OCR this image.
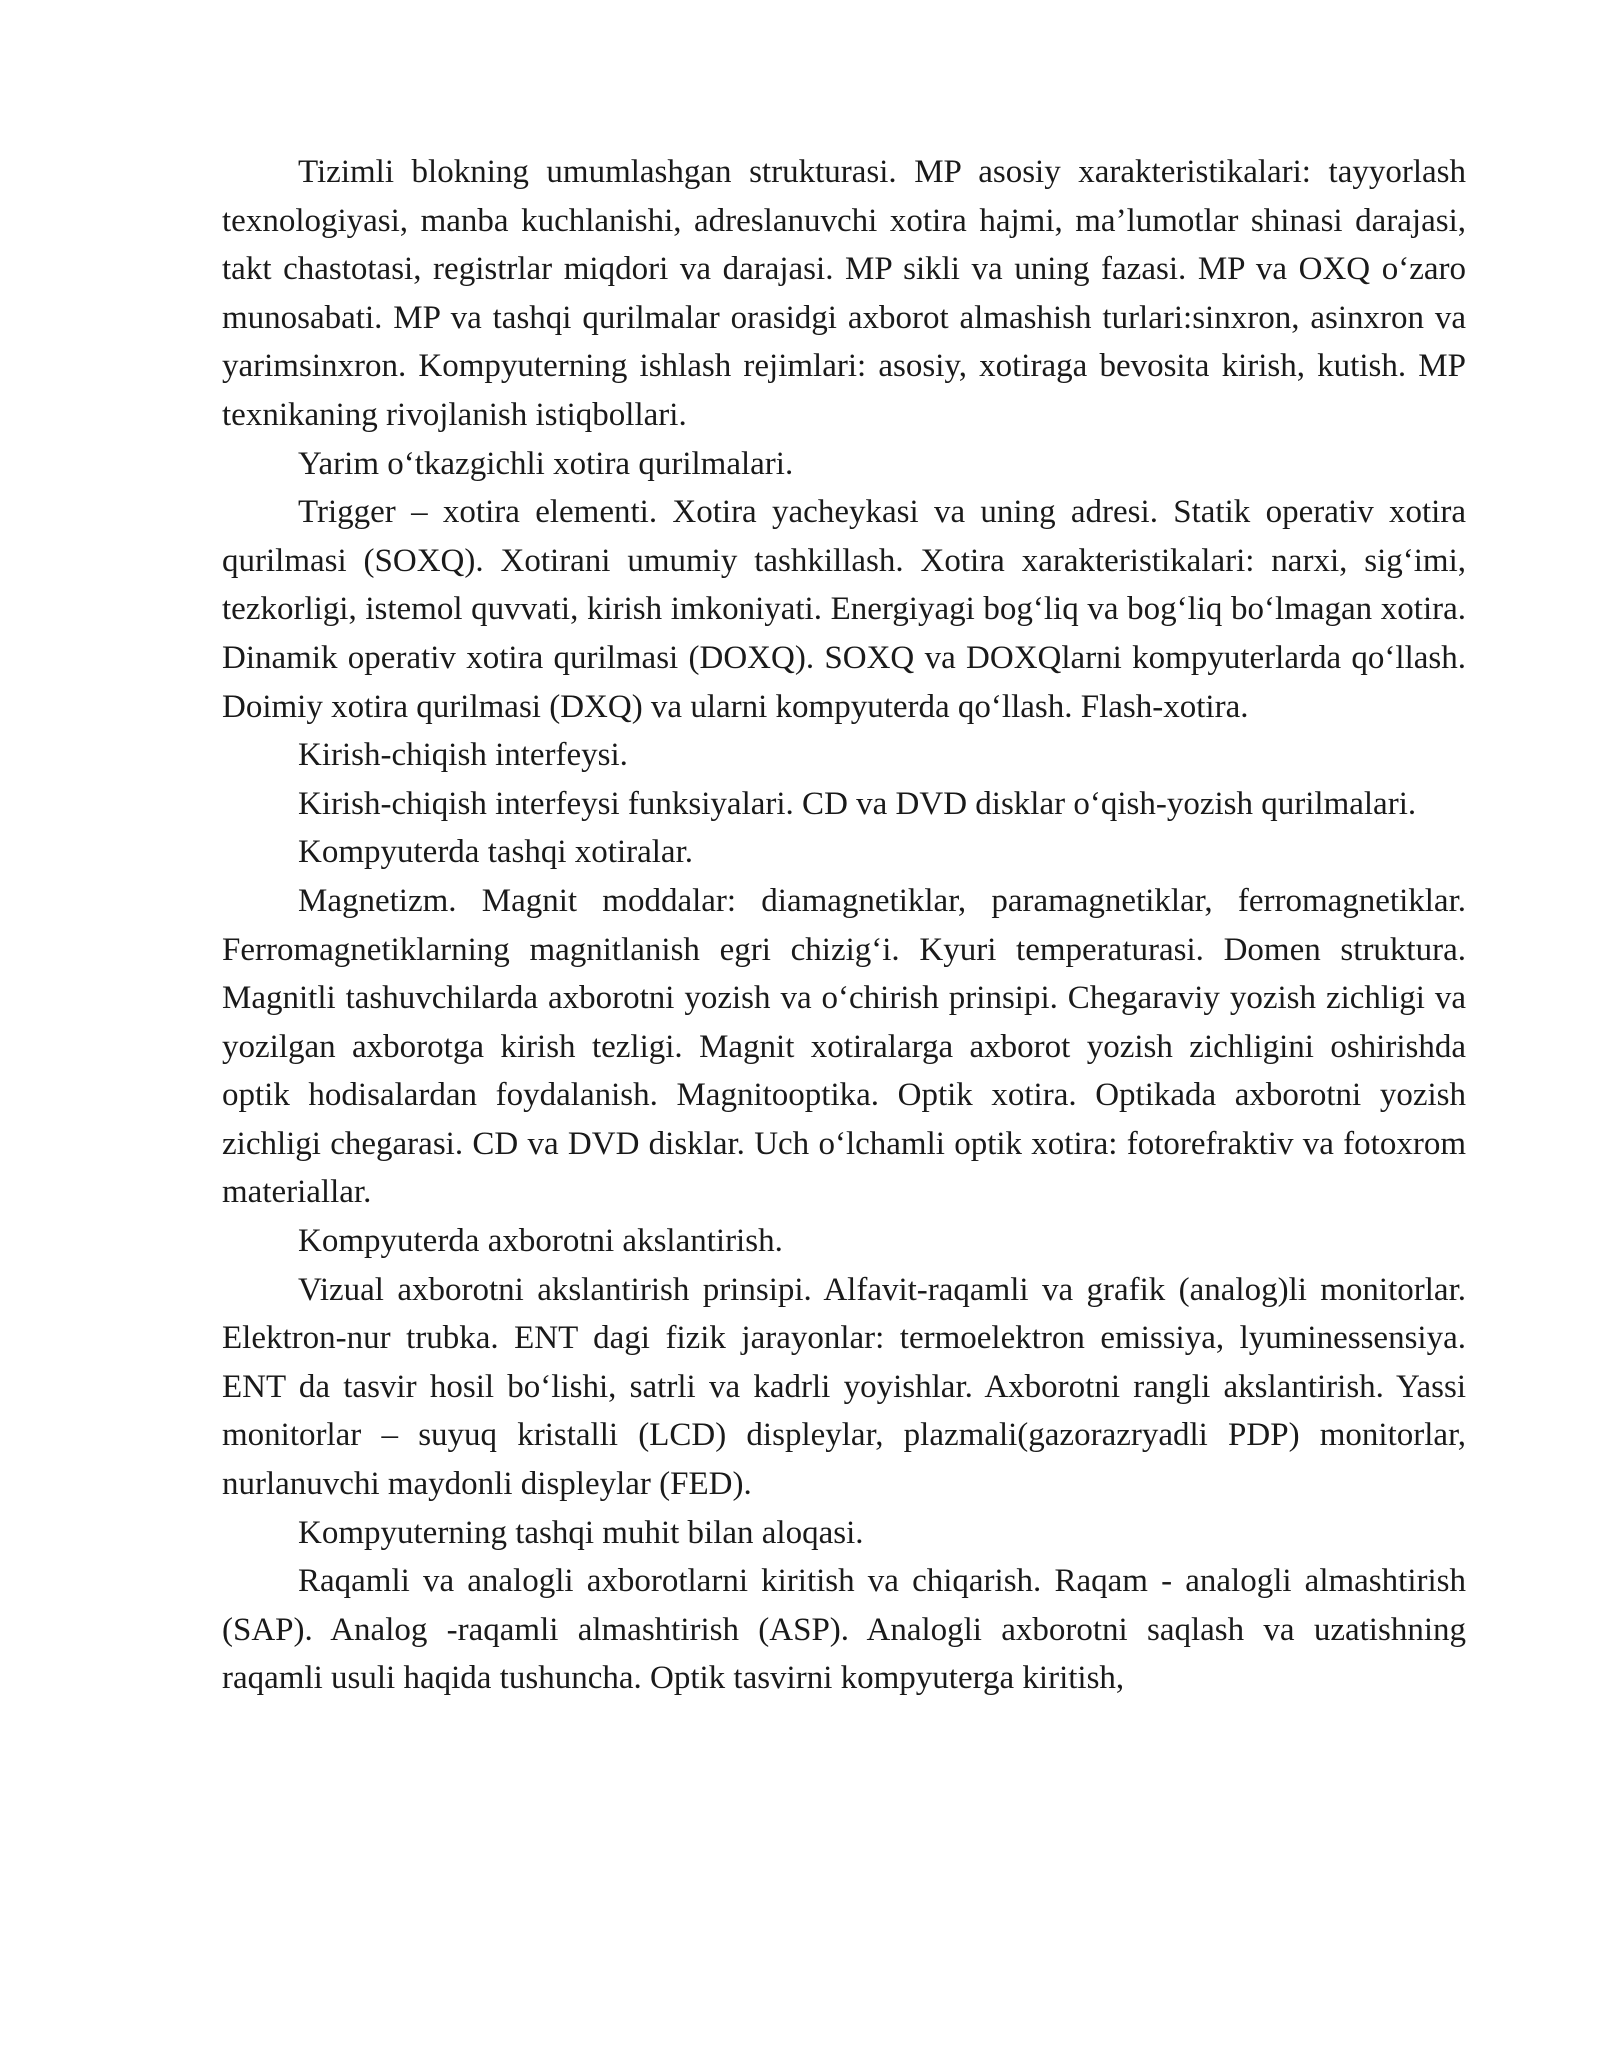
Tizimli blokning umumlashgan strukturasi. MP asosiy xarakteristikalari: tayyorlash texnologiyasi, manba kuchlanishi, adreslanuvchi xotira hajmi, ma’lumotlar shinasi darajasi, takt chastotasi, registrlar miqdori va darajasi. MP sikli va uning fazasi. MP va OXQ o‘zaro munosabati. MP va tashqi qurilmalar orasidgi axborot almashish turlari:sinxron, asinxron va yarimsinxron. Kompyuterning ishlash rejimlari: asosiy, xotiraga bevosita kirish, kutish. MP texnikaning rivojlanish istiqbollari.

Yarim o‘tkazgichli xotira qurilmalari.

Trigger – xotira elementi. Xotira yacheykasi va uning adresi. Statik operativ xotira qurilmasi (SOXQ). Xotirani umumiy tashkillash. Xotira xarakteristikalari: narxi, sig‘imi, tezkorligi, istemol quvvati, kirish imkoniyati. Energiyagi bog‘liq va bog‘liq bo‘lmagan xotira. Dinamik operativ xotira qurilmasi (DOXQ). SOXQ va DOXQlarni kompyuterlarda qo‘llash. Doimiy xotira qurilmasi (DXQ) va ularni kompyuterda qo‘llash. Flash-xotira.

Kirish-chiqish interfeysi.

Kirish-chiqish interfeysi funksiyalari. CD va DVD disklar o‘qish-yozish qurilmalari.

Kompyuterda tashqi xotiralar.

Magnetizm. Magnit moddalar: diamagnetiklar, paramagnetiklar, ferromagnetiklar. Ferromagnetiklarning magnitlanish egri chizig‘i. Kyuri temperaturasi. Domen struktura. Magnitli tashuvchilarda axborotni yozish va o‘chirish prinsipi. Chegaraviy yozish zichligi va yozilgan axborotga kirish tezligi. Magnit xotiralarga axborot yozish zichligini oshirishda optik hodisalardan foydalanish. Magnitooptika. Optik xotira. Optikada axborotni yozish zichligi chegarasi. CD va DVD disklar. Uch o‘lchamli optik xotira: fotorefraktiv va fotoxrom materiallar.

Kompyuterda axborotni akslantirish.

Vizual axborotni akslantirish prinsipi. Alfavit-raqamli va grafik (analog)li monitorlar. Elektron-nur trubka. ENT dagi fizik jarayonlar: termoelektron emissiya, lyuminessensiya. ENT da tasvir hosil bo‘lishi, satrli va kadrli yoyishlar. Axborotni rangli akslantirish. Yassi monitorlar – suyuq kristalli (LCD) displeylar, plazmali(gazorazryadli PDP) monitorlar, nurlanuvchi maydonli displeylar (FED).

Kompyuterning tashqi muhit bilan aloqasi.

Raqamli va analogli axborotlarni kiritish va chiqarish. Raqam - analogli almashtirish (SAP). Analog -raqamli almashtirish (ASP). Analogli axborotni saqlash va uzatishning raqamli usuli haqida tushuncha. Optik tasvirni kompyuterga kiritish,
